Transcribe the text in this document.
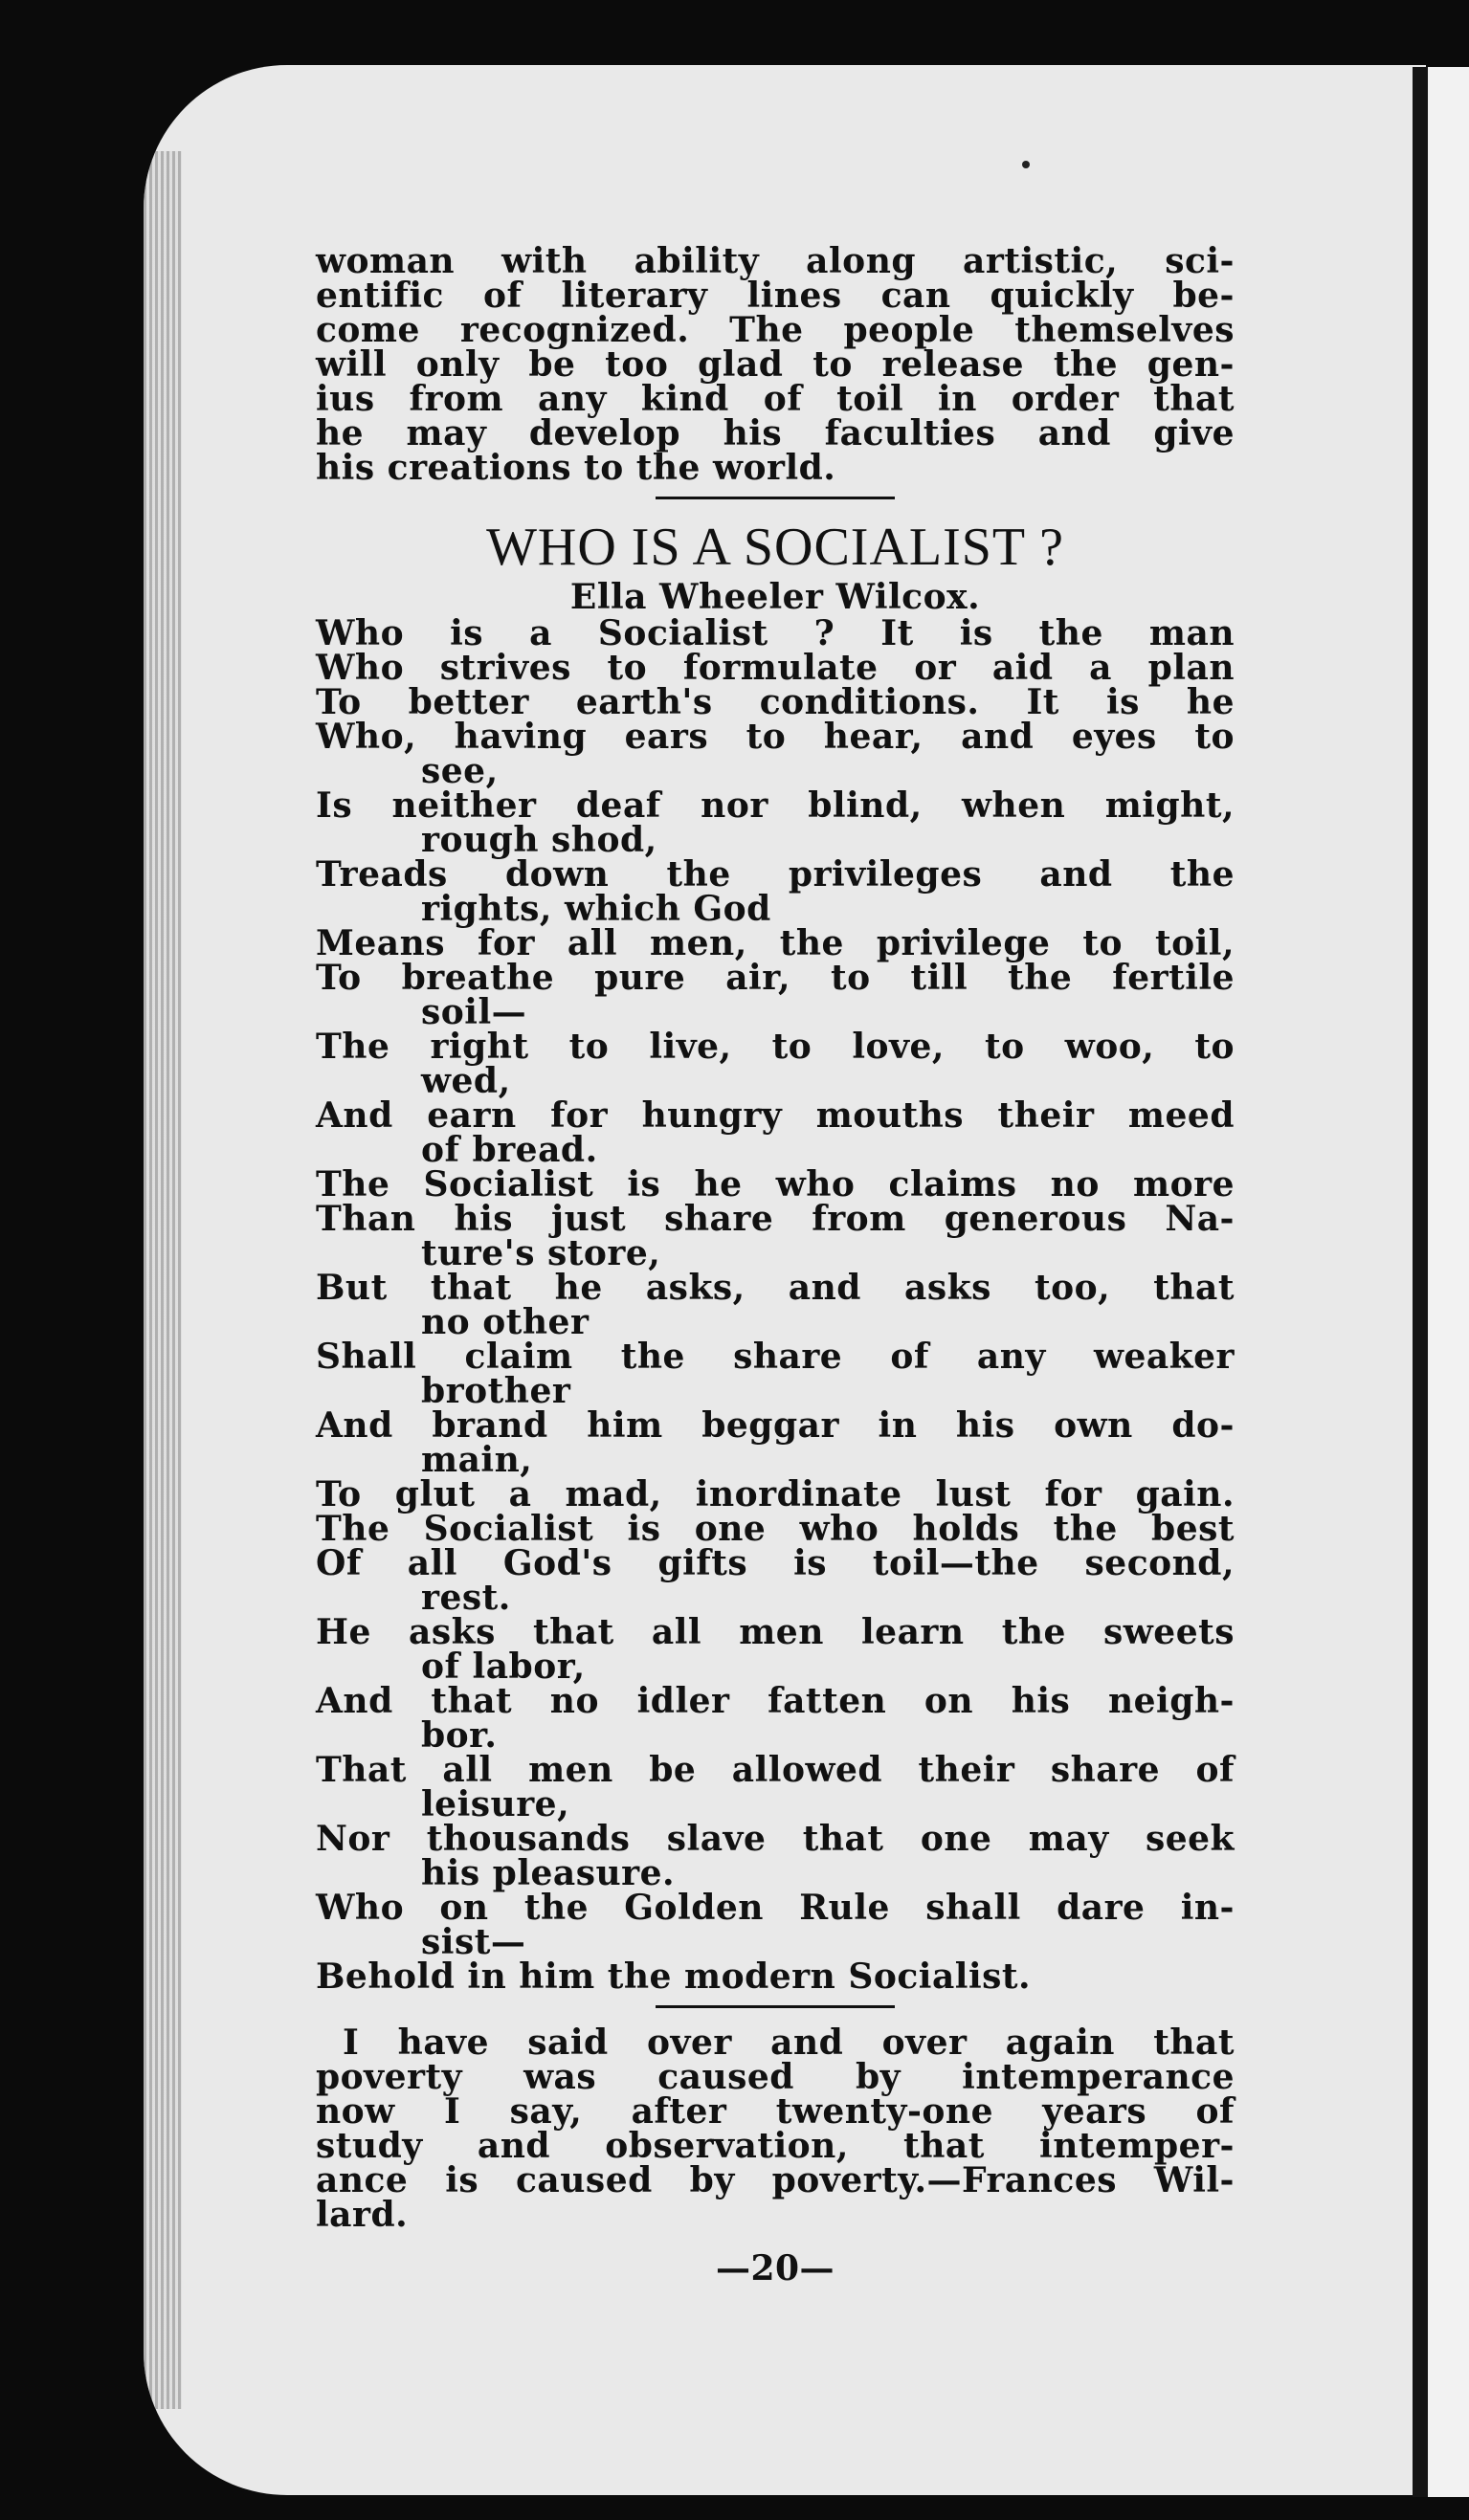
woman with ability along artistic, sci-
entific of literary lines can quickly be-
come recognized. The people themselves
will only be too glad to release the gen-
ius from any kind of toil in order that
he may develop his faculties and give
his creations to the world.
WHO IS A SOCIALIST ?
Ella Wheeler Wilcox.
Who is a Socialist ? It is the man
Who strives to formulate or aid a plan
To better earth's conditions. It is he
Who, having ears to hear, and eyes to
see,
Is neither deaf nor blind, when might,
rough shod,
Treads down the privileges and the
rights, which God
Means for all men, the privilege to toil,
To breathe pure air, to till the fertile
soil—
The right to live, to love, to woo, to
wed,
And earn for hungry mouths their meed
of bread.
The Socialist is he who claims no more
Than his just share from generous Na-
ture's store,
But that he asks, and asks too, that
no other
Shall claim the share of any weaker
brother
And brand him beggar in his own do-
main,
To glut a mad, inordinate lust for gain.
The Socialist is one who holds the best
Of all God's gifts is toil—the second,
rest.
He asks that all men learn the sweets
of labor,
And that no idler fatten on his neigh-
bor.
That all men be allowed their share of
leisure,
Nor thousands slave that one may seek
his pleasure.
Who on the Golden Rule shall dare in-
sist—
Behold in him the modern Socialist.
I have said over and over again that
poverty was caused by intemperance
now I say, after twenty-one years of
study and observation, that intemper-
ance is caused by poverty.—Frances Wil-
lard.
—20—
